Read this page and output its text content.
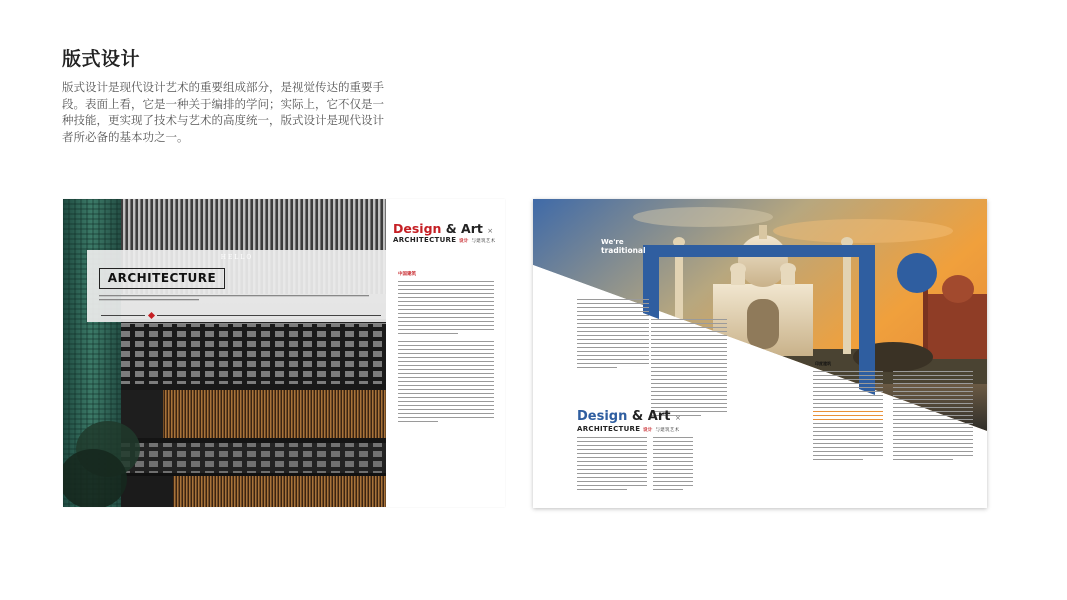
版式设计
版式设计是现代设计艺术的重要组成部分，是视觉传达的重要手段。表面上看，它是一种关于编排的学问；实际上，它不仅是一种技能，更实现了技术与艺术的高度统一，版式设计是现代设计者所必备的基本功之一。
HELLO
ARCHITECTURE
Design & Art ×
ARCHITECTURE 设计 与建筑艺术
中国建筑
We're
traditional
Design & Art ×
ARCHITECTURE 设计 与建筑艺术
印度建筑
